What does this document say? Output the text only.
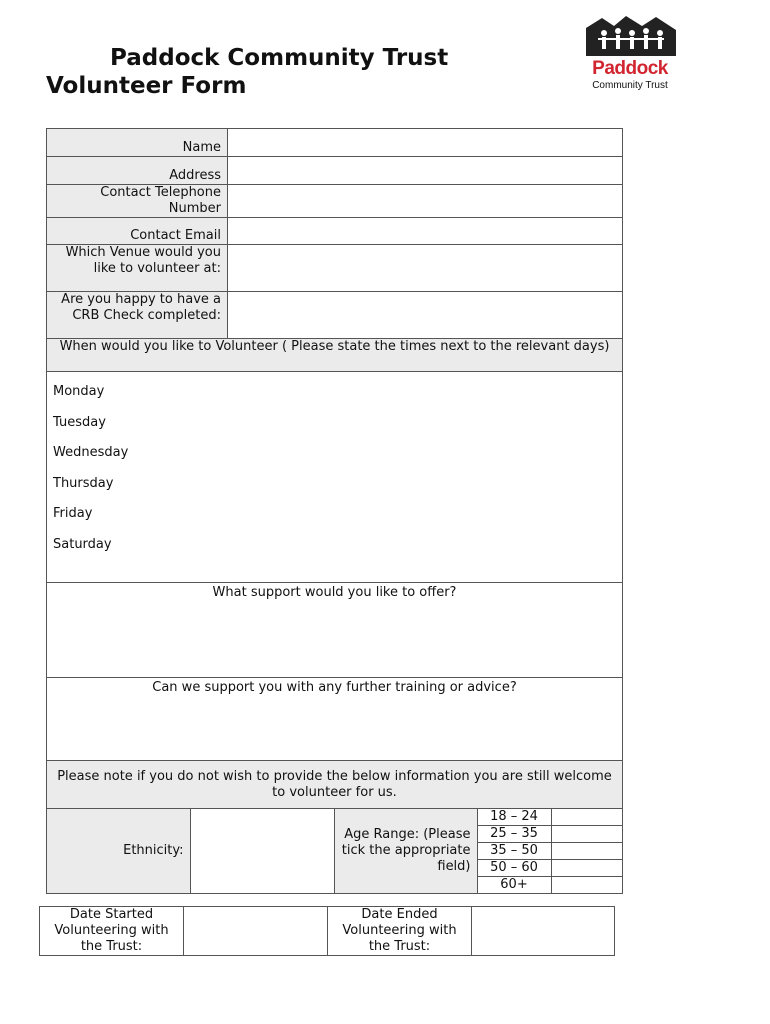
Paddock Community Trust Volunteer Form
Paddock
Community Trust
Name	
Address	
Contact Telephone Number	
Contact Email	
Which Venue would you like to volunteer at:	
Are you happy to have a CRB Check completed:	
When would you like to Volunteer ( Please state the times next to the relevant days)

Monday
Tuesday
Wednesday
Thursday
Friday
Saturday

What support would you like to offer?
Can we support you with any further training or advice?
Please note if you do not wish to provide the below information you are still welcome to volunteer for us.

Ethnicity:		Age Range: (Please tick the appropriate field)	18 – 24	
25 – 35	
35 – 50	
50 – 60	
60+	
Date Started Volunteering with the Trust:		Date Ended Volunteering with the Trust:	
